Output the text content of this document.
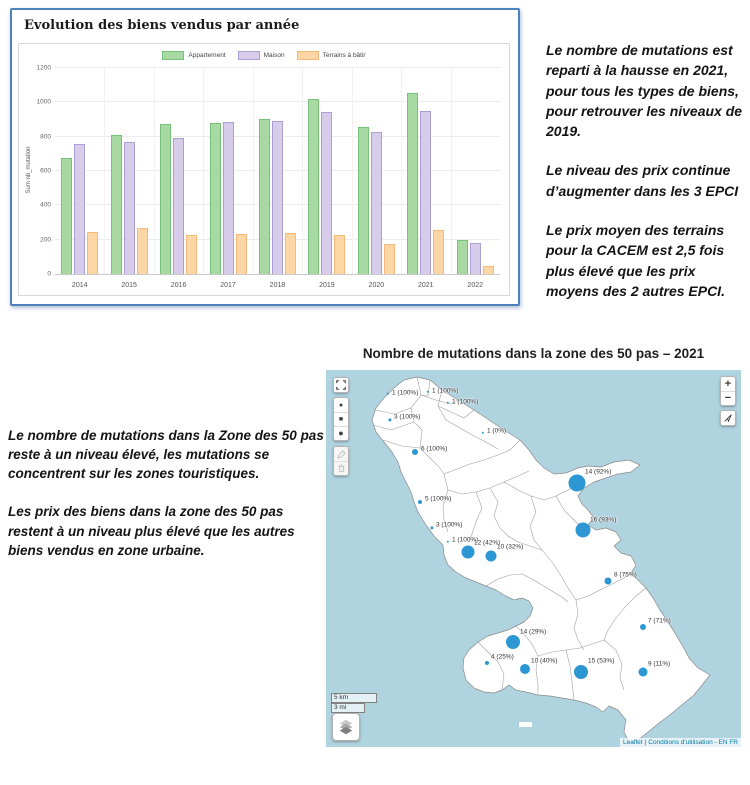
Evolution des biens vendus par année
Appartement	Maison	Terrains à bâtir
Sum nb_mutation
0
200
400
600
800
1000
1200
2014	2015	2016	2017	2018	2019	2020	2021	2022

Le nombre de mutations est reparti à la hausse en 2021, pour tous les types de biens, pour retrouver les niveaux de 2019.

Le niveau des prix continue d’augmenter dans les 3 EPCI

Le prix moyen des terrains pour la CACEM est 2,5 fois plus élevé que les prix moyens des 2 autres EPCI.

Nombre de mutations dans la zone des 50 pas – 2021

Le nombre de mutations dans la Zone des 50 pas reste à un niveau élevé, les mutations se concentrent sur les zones touristiques.

Les prix des biens dans la zone des 50 pas restent à un niveau plus élevé que les autres biens vendus en zone urbaine.

1 (100%) 1 (100%)
1 (100%)
3 (100%)
1 (0%)
6 (100%)
5 (100%)
3 (100%)
1 (100%)
12 (42%)
10 (32%)
14 (92%)
16 (93%)
8 (75%)
7 (71%)
14 (29%)
4 (25%)
10 (40%)	15 (53%)	9 (11%)
●
■
●
+
−
5 km
3 mi
Leaflet | Conditions d'utilisation - EN FR
